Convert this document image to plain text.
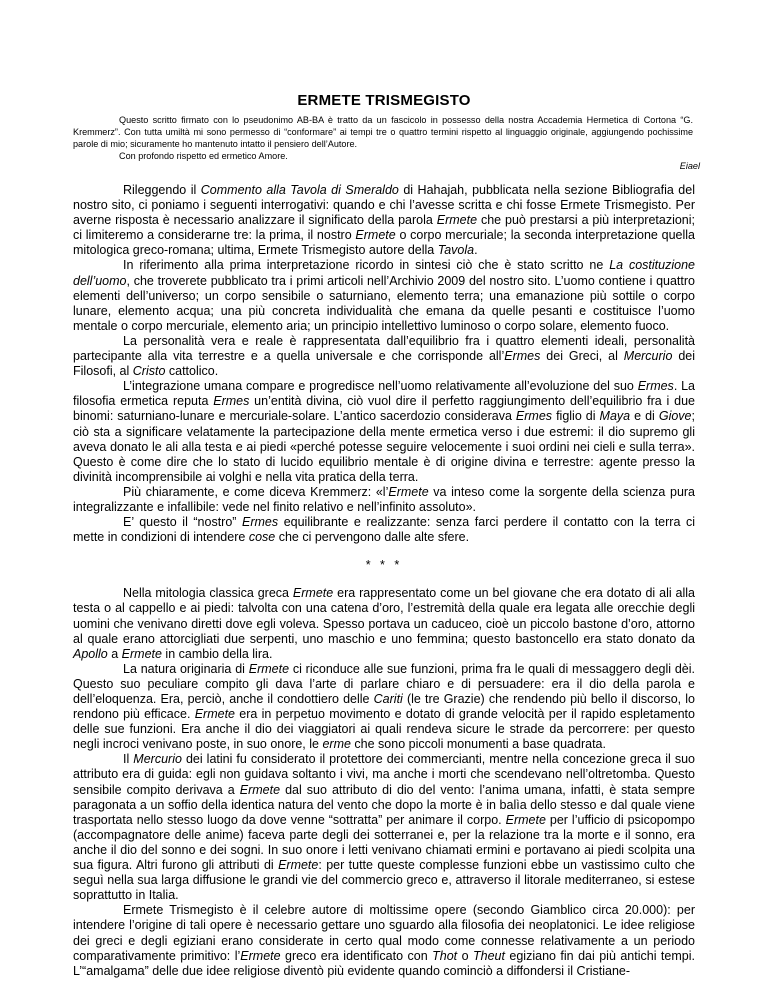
ERMETE TRISMEGISTO

Questo scritto firmato con lo pseudonimo AB-BA è tratto da un fascicolo in possesso della nostra Accademia Hermetica di Cortona “G. Kremmerz”. Con tutta umiltà mi sono permesso di “conformare” ai tempi tre o quattro termini rispetto al linguaggio originale, aggiungendo pochissime parole di mio; sicuramente ho mantenuto intatto il pensiero dell’Autore.

Con profondo rispetto ed ermetico Amore.

Eiael

Rileggendo il Commento alla Tavola di Smeraldo di Hahajah, pubblicata nella sezione Bibliografia del nostro sito, ci poniamo i seguenti interrogativi: quando e chi l’avesse scritta e chi fosse Ermete Trismegisto. Per averne risposta è necessario analizzare il significato della parola Ermete che può prestarsi a più interpretazioni; ci limiteremo a considerarne tre: la prima, il nostro Ermete o corpo mercuriale; la seconda interpretazione quella mitologica greco-romana; ultima, Ermete Trismegisto autore della Tavola.

In riferimento alla prima interpretazione ricordo in sintesi ciò che è stato scritto ne La costituzione dell’uomo, che troverete pubblicato tra i primi articoli nell’Archivio 2009 del nostro sito. L’uomo contiene i quattro elementi dell’universo; un corpo sensibile o saturniano, elemento terra; una emanazione più sottile o corpo lunare, elemento acqua; una più concreta individualità che emana da quelle pesanti e costituisce l’uomo mentale o corpo mercuriale, elemento aria; un principio intellettivo luminoso o corpo solare, elemento fuoco.

La personalità vera e reale è rappresentata dall’equilibrio fra i quattro elementi ideali, personalità partecipante alla vita terrestre e a quella universale e che corrisponde all’Ermes dei Greci, al Mercurio dei Filosofi, al Cristo cattolico.

L’integrazione umana compare e progredisce nell’uomo relativamente all’evoluzione del suo Ermes. La filosofia ermetica reputa Ermes un’entità divina, ciò vuol dire il perfetto raggiungimento dell’equilibrio fra i due binomi: saturniano-lunare e mercuriale-solare. L’antico sacerdozio considerava Ermes figlio di Maya e di Giove; ciò sta a significare velatamente la partecipazione della mente ermetica verso i due estremi: il dio supremo gli aveva donato le ali alla testa e ai piedi «perché potesse seguire velocemente i suoi ordini nei cieli e sulla terra». Questo è come dire che lo stato di lucido equilibrio mentale è di origine divina e terrestre: agente presso la divinità incomprensibile ai volghi e nella vita pratica della terra.

Più chiaramente, e come diceva Kremmerz: «l’Ermete va inteso come la sorgente della scienza pura integralizzante e infallibile: vede nel finito relativo e nell’infinito assoluto».

E’ questo il “nostro” Ermes equilibrante e realizzante: senza farci perdere il contatto con la terra ci mette in condizioni di intendere cose che ci pervengono dalle alte sfere.

* * *

Nella mitologia classica greca Ermete era rappresentato come un bel giovane che era dotato di ali alla testa o al cappello e ai piedi: talvolta con una catena d’oro, l’estremità della quale era legata alle orecchie degli uomini che venivano diretti dove egli voleva. Spesso portava un caduceo, cioè un piccolo bastone d’oro, attorno al quale erano attorcigliati due serpenti, uno maschio e uno femmina; questo bastoncello era stato donato da Apollo a Ermete in cambio della lira.

La natura originaria di Ermete ci riconduce alle sue funzioni, prima fra le quali di messaggero degli dèi. Questo suo peculiare compito gli dava l’arte di parlare chiaro e di persuadere: era il dio della parola e dell’eloquenza. Era, perciò, anche il condottiero delle Cariti (le tre Grazie) che rendendo più bello il discorso, lo rendono più efficace. Ermete era in perpetuo movimento e dotato di grande velocità per il rapido espletamento delle sue funzioni. Era anche il dio dei viaggiatori ai quali rendeva sicure le strade da percorrere: per questo negli incroci venivano poste, in suo onore, le erme che sono piccoli monumenti a base quadrata.

Il Mercurio dei latini fu considerato il protettore dei commercianti, mentre nella concezione greca il suo attributo era di guida: egli non guidava soltanto i vivi, ma anche i morti che scendevano nell’oltretomba. Questo sensibile compito derivava a Ermete dal suo attributo di dio del vento: l’anima umana, infatti, è stata sempre paragonata a un soffio della identica natura del vento che dopo la morte è in balìa dello stesso e dal quale viene trasportata nello stesso luogo da dove venne “sottratta” per animare il corpo. Ermete per l’ufficio di psicopompo (accompagnatore delle anime) faceva parte degli dei sotterranei e, per la relazione tra la morte e il sonno, era anche il dio del sonno e dei sogni. In suo onore i letti venivano chiamati ermini e portavano ai piedi scolpita una sua figura. Altri furono gli attributi di Ermete: per tutte queste complesse funzioni ebbe un vastissimo culto che seguì nella sua larga diffusione le grandi vie del commercio greco e, attraverso il litorale mediterraneo, si estese soprattutto in Italia.

Ermete Trismegisto è il celebre autore di moltissime opere (secondo Giamblico circa 20.000): per intendere l’origine di tali opere è necessario gettare uno sguardo alla filosofia dei neoplatonici. Le idee religiose dei greci e degli egiziani erano considerate in certo qual modo come connesse relativamente a un periodo comparativamente primitivo: l’Ermete greco era identificato con Thot o Theut egiziano fin dai più antichi tempi. L’“amalgama” delle due idee religiose diventò più evidente quando cominciò a diffondersi il Cristiane-
